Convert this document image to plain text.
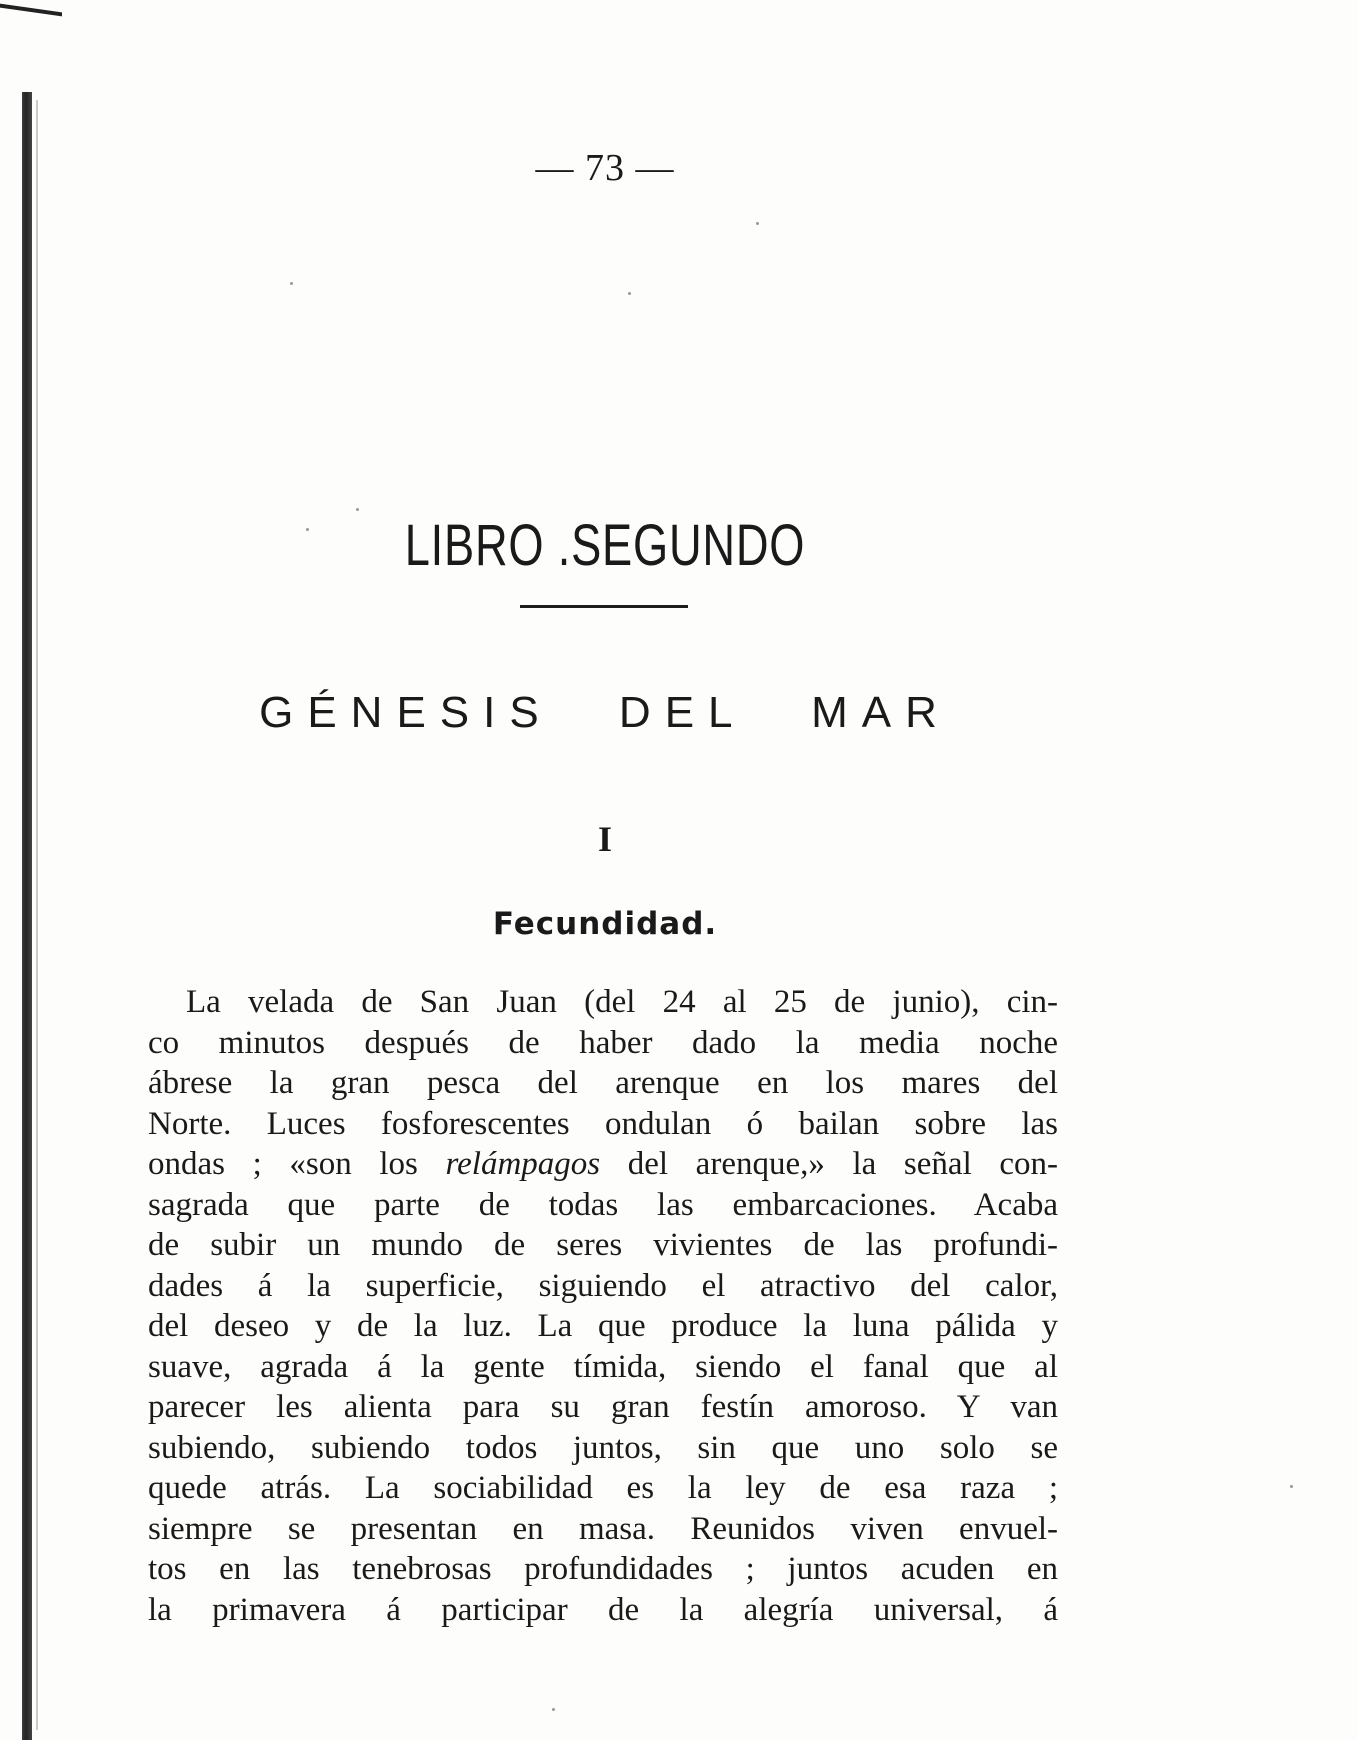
— 73 —
LIBRO .SEGUNDO
GÉNESIS DEL MAR
I
Fecundidad.
La velada de San Juan (del 24 al 25 de junio), cin-
co minutos después de haber dado la media noche
ábrese la gran pesca del arenque en los mares del
Norte. Luces fosforescentes ondulan ó bailan sobre las
ondas ; «son los relámpagos del arenque,» la señal con-
sagrada que parte de todas las embarcaciones. Acaba
de subir un mundo de seres vivientes de las profundi-
dades á la superficie, siguiendo el atractivo del calor,
del deseo y de la luz. La que produce la luna pálida y
suave, agrada á la gente tímida, siendo el fanal que al
parecer les alienta para su gran festín amoroso. Y van
subiendo, subiendo todos juntos, sin que uno solo se
quede atrás. La sociabilidad es la ley de esa raza ;
siempre se presentan en masa. Reunidos viven envuel-
tos en las tenebrosas profundidades ; juntos acuden en
la primavera á participar de la alegría universal, á
